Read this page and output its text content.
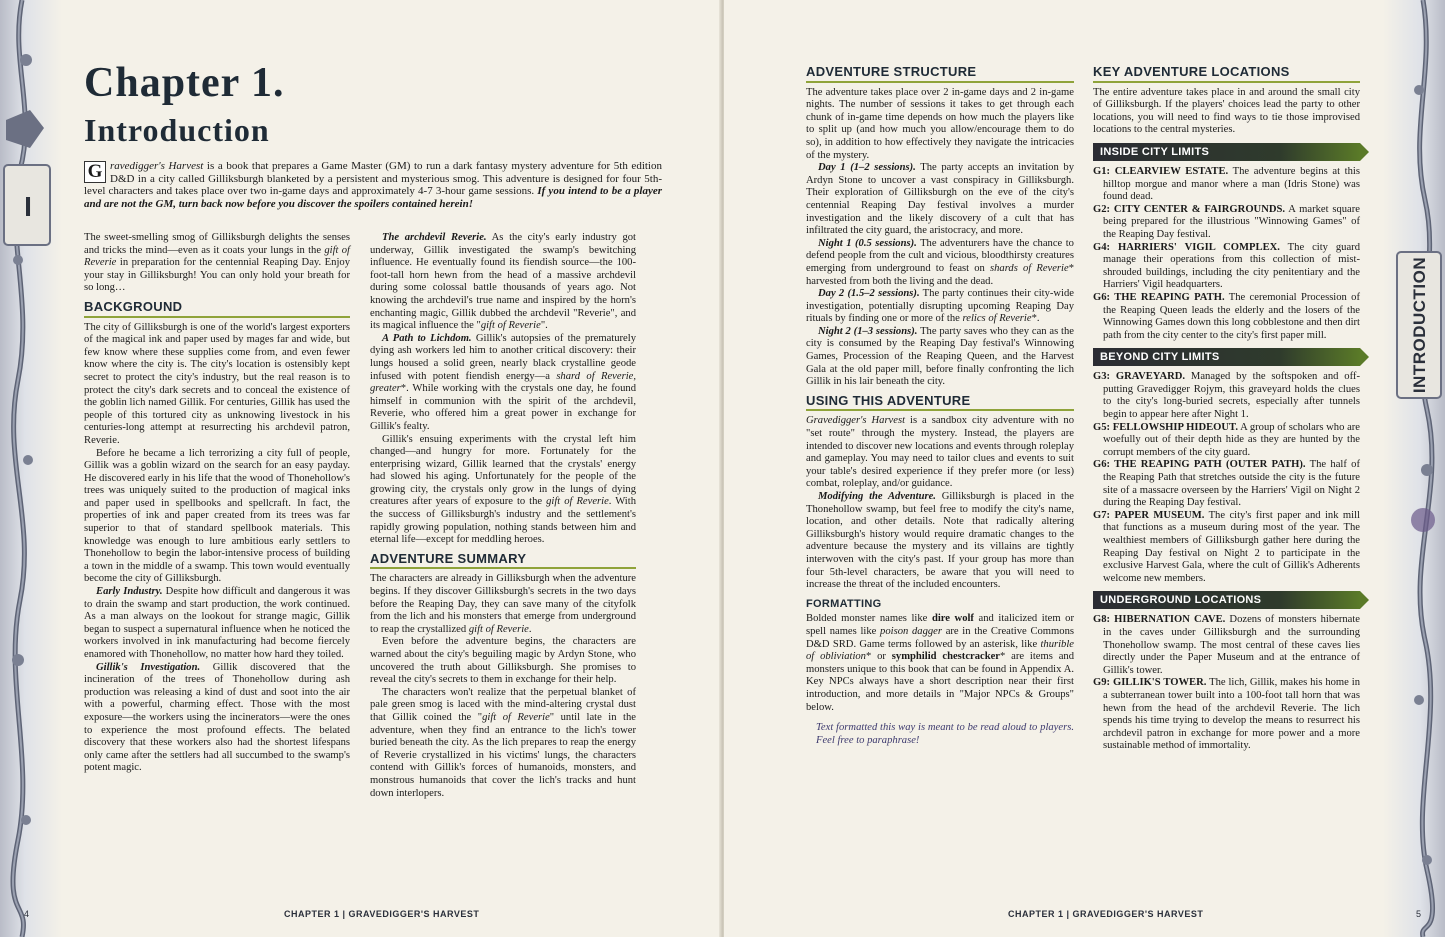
I
Chapter 1.
Introduction
G ravedigger's Harvest is a book that prepares a Game Master (GM) to run a dark fantasy mystery adventure for 5th edition D&D in a city called Gilliksburgh blanketed by a persistent and mysterious smog. This adventure is designed for four 5th-level characters and takes place over two in-game days and approximately 4-7 3-hour game sessions. If you intend to be a player and are not the GM, turn back now before you discover the spoilers contained herein!

The sweet-smelling smog of Gilliksburgh delights the senses and tricks the mind—even as it coats your lungs in the gift of Reverie in preparation for the centennial Reaping Day. Enjoy your stay in Gilliksburgh! You can only hold your breath for so long…

BACKGROUND

The city of Gilliksburgh is one of the world's largest exporters of the magical ink and paper used by mages far and wide, but few know where these supplies come from, and even fewer know where the city is. The city's location is ostensibly kept secret to protect the city's industry, but the real reason is to protect the city's dark secrets and to conceal the existence of the goblin lich named Gillik. For centuries, Gillik has used the people of this tortured city as unknowing livestock in his centuries-long attempt at resurrecting his archdevil patron, Reverie.

Before he became a lich terrorizing a city full of people, Gillik was a goblin wizard on the search for an easy payday. He discovered early in his life that the wood of Thonehollow's trees was uniquely suited to the production of magical inks and paper used in spellbooks and spellcraft. In fact, the properties of ink and paper created from its trees was far superior to that of standard spellbook materials. This knowledge was enough to lure ambitious early settlers to Thonehollow to begin the labor-intensive process of building a town in the middle of a swamp. This town would eventually become the city of Gilliksburgh.

Early Industry. Despite how difficult and dangerous it was to drain the swamp and start production, the work continued. As a man always on the lookout for strange magic, Gillik began to suspect a supernatural influence when he noticed the workers involved in ink manufacturing had become fiercely enamored with Thonehollow, no matter how hard they toiled.

Gillik's Investigation. Gillik discovered that the incineration of the trees of Thonehollow during ash production was releasing a kind of dust and soot into the air with a powerful, charming effect. Those with the most exposure—the workers using the incinerators—were the ones to experience the most profound effects. The belated discovery that these workers also had the shortest lifespans only came after the settlers had all succumbed to the swamp's potent magic.

The archdevil Reverie. As the city's early industry got underway, Gillik investigated the swamp's bewitching influence. He eventually found its fiendish source—the 100-foot-tall horn hewn from the head of a massive archdevil during some colossal battle thousands of years ago. Not knowing the archdevil's true name and inspired by the horn's enchanting magic, Gillik dubbed the archdevil "Reverie", and its magical influence the "gift of Reverie".

A Path to Lichdom. Gillik's autopsies of the prematurely dying ash workers led him to another critical discovery: their lungs housed a solid green, nearly black crystalline geode infused with potent fiendish energy—a shard of Reverie, greater*. While working with the crystals one day, he found himself in communion with the spirit of the archdevil, Reverie, who offered him a great power in exchange for Gillik's fealty.

Gillik's ensuing experiments with the crystal left him changed—and hungry for more. Fortunately for the enterprising wizard, Gillik learned that the crystals' energy had slowed his aging. Unfortunately for the people of the growing city, the crystals only grow in the lungs of dying creatures after years of exposure to the gift of Reverie. With the success of Gilliksburgh's industry and the settlement's rapidly growing population, nothing stands between him and eternal life—except for meddling heroes.

ADVENTURE SUMMARY

The characters are already in Gilliksburgh when the adventure begins. If they discover Gilliksburgh's secrets in the two days before the Reaping Day, they can save many of the cityfolk from the lich and his monsters that emerge from underground to reap the crystallized gift of Reverie.

Even before the adventure begins, the characters are warned about the city's beguiling magic by Ardyn Stone, who uncovered the truth about Gilliksburgh. She promises to reveal the city's secrets to them in exchange for their help.

The characters won't realize that the perpetual blanket of pale green smog is laced with the mind-altering crystal dust that Gillik coined the "gift of Reverie" until late in the adventure, when they find an entrance to the lich's tower buried beneath the city. As the lich prepares to reap the energy of Reverie crystallized in his victims' lungs, the characters contend with Gillik's forces of humanoids, monsters, and monstrous humanoids that cover the lich's tracks and hunt down interlopers.

4	CHAPTER 1 | GRAVEDIGGER'S HARVEST
INTRODUCTION
5
CHAPTER 1 | GRAVEDIGGER'S HARVEST
ADVENTURE STRUCTURE

The adventure takes place over 2 in-game days and 2 in-game nights. The number of sessions it takes to get through each chunk of in-game time depends on how much the players like to split up (and how much you allow/encourage them to do so), in addition to how effectively they navigate the intricacies of the mystery.

Day 1 (1–2 sessions). The party accepts an invitation by Ardyn Stone to uncover a vast conspiracy in Gilliksburgh. Their exploration of Gilliksburgh on the eve of the city's centennial Reaping Day festival involves a murder investigation and the likely discovery of a cult that has infiltrated the city guard, the aristocracy, and more.

Night 1 (0.5 sessions). The adventurers have the chance to defend people from the cult and vicious, bloodthirsty creatures emerging from underground to feast on shards of Reverie* harvested from both the living and the dead.

Day 2 (1.5–2 sessions). The party continues their city-wide investigation, potentially disrupting upcoming Reaping Day rituals by finding one or more of the relics of Reverie*.

Night 2 (1–3 sessions). The party saves who they can as the city is consumed by the Reaping Day festival's Winnowing Games, Procession of the Reaping Queen, and the Harvest Gala at the old paper mill, before finally confronting the lich Gillik in his lair beneath the city.

USING THIS ADVENTURE

Gravedigger's Harvest is a sandbox city adventure with no "set route" through the mystery. Instead, the players are intended to discover new locations and events through roleplay and gameplay. You may need to tailor clues and events to suit your table's desired experience if they prefer more (or less) combat, roleplay, and/or guidance.

Modifying the Adventure. Gilliksburgh is placed in the Thonehollow swamp, but feel free to modify the city's name, location, and other details. Note that radically altering Gilliksburgh's history would require dramatic changes to the adventure because the mystery and its villains are tightly interwoven with the city's past. If your group has more than four 5th-level characters, be aware that you will need to increase the threat of the included encounters.

FORMATTING

Bolded monster names like dire wolf and italicized item or spell names like poison dagger are in the Creative Commons D&D SRD. Game terms followed by an asterisk, like thurible of obliviation* or symphilid chestcracker* are items and monsters unique to this book that can be found in Appendix A. Key NPCs always have a short description near their first introduction, and more details in "Major NPCs & Groups" below.

Text formatted this way is meant to be read aloud to players. Feel free to paraphrase!

KEY ADVENTURE LOCATIONS

The entire adventure takes place in and around the small city of Gilliksburgh. If the players' choices lead the party to other locations, you will need to find ways to tie those improvised locations to the central mysteries.

INSIDE CITY LIMITS

G1: CLEARVIEW ESTATE. The adventure begins at this hilltop morgue and manor where a man (Idris Stone) was found dead.

G2: CITY CENTER & FAIRGROUNDS. A market square being prepared for the illustrious "Winnowing Games" of the Reaping Day festival.

G4: HARRIERS' VIGIL COMPLEX. The city guard manage their operations from this collection of mist-shrouded buildings, including the city penitentiary and the Harriers' Vigil headquarters.

G6: THE REAPING PATH. The ceremonial Procession of the Reaping Queen leads the elderly and the losers of the Winnowing Games down this long cobblestone and then dirt path from the city center to the city's first paper mill.

BEYOND CITY LIMITS

G3: GRAVEYARD. Managed by the softspoken and off-putting Gravedigger Rojym, this graveyard holds the clues to the city's long-buried secrets, especially after tunnels begin to appear here after Night 1.

G5: FELLOWSHIP HIDEOUT. A group of scholars who are woefully out of their depth hide as they are hunted by the corrupt members of the city guard.

G6: THE REAPING PATH (OUTER PATH). The half of the Reaping Path that stretches outside the city is the future site of a massacre overseen by the Harriers' Vigil on Night 2 during the Reaping Day festival.

G7: PAPER MUSEUM. The city's first paper and ink mill that functions as a museum during most of the year. The wealthiest members of Gilliksburgh gather here during the Reaping Day festival on Night 2 to participate in the exclusive Harvest Gala, where the cult of Gillik's Adherents welcome new members.

UNDERGROUND LOCATIONS

G8: HIBERNATION CAVE. Dozens of monsters hibernate in the caves under Gilliksburgh and the surrounding Thonehollow swamp. The most central of these caves lies directly under the Paper Museum and at the entrance of Gillik's tower.

G9: GILLIK'S TOWER. The lich, Gillik, makes his home in a subterranean tower built into a 100-foot tall horn that was hewn from the head of the archdevil Reverie. The lich spends his time trying to develop the means to resurrect his archdevil patron in exchange for more power and a more sustainable method of immortality.
